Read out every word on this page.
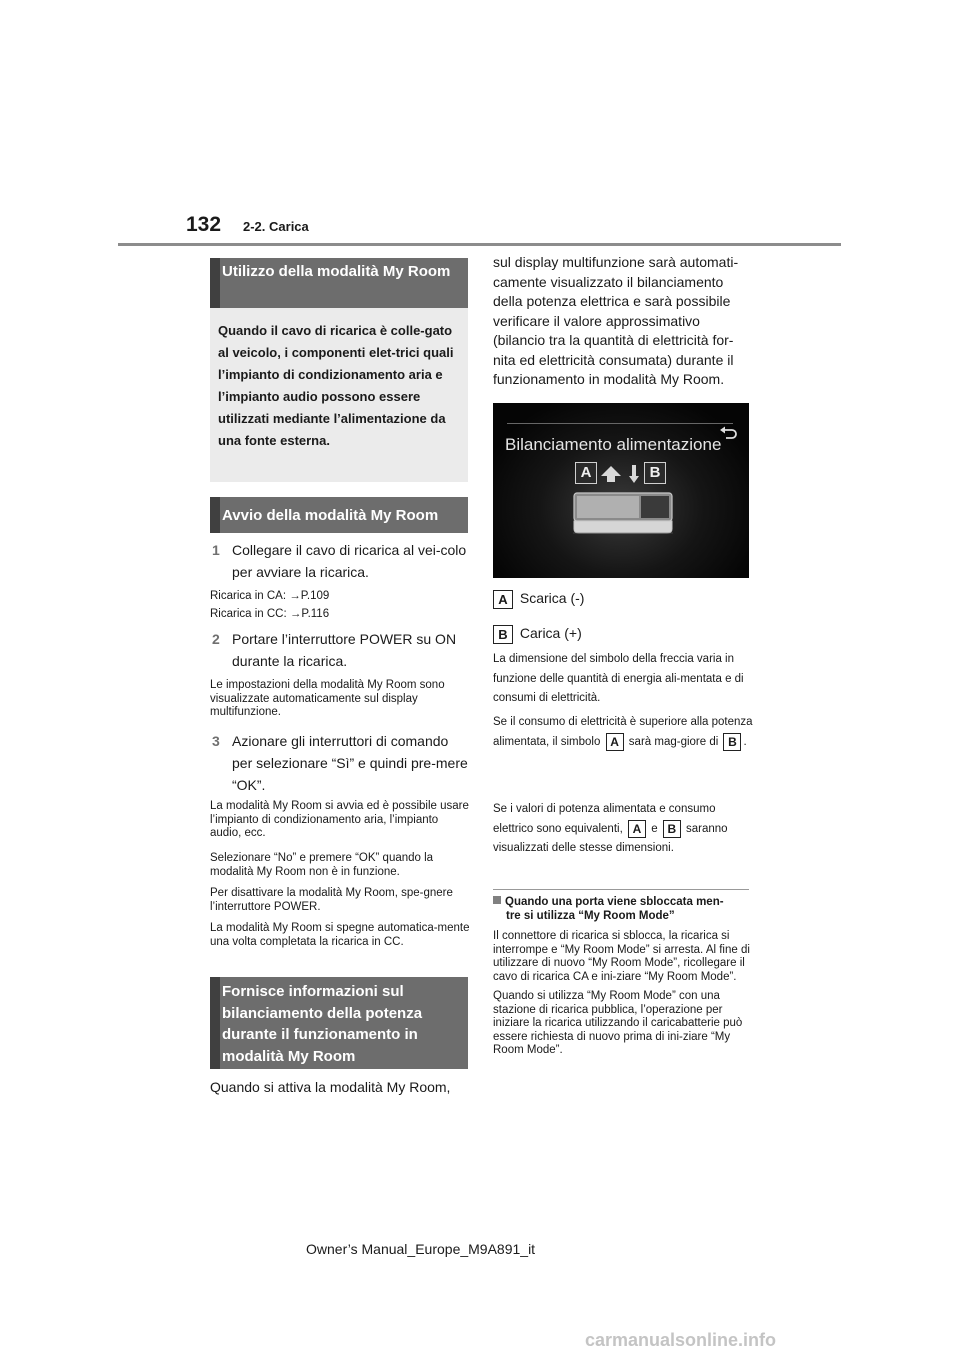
132 2-2. Carica
Utilizzo della modalità My Room
Quando il cavo di ricarica è colle-gato al veicolo, i componenti elet-trici quali l’impianto di condizionamento aria e l’impianto audio possono essere utilizzati mediante l’alimentazione da una fonte esterna.
Avvio della modalità My Room
1 Collegare il cavo di ricarica al vei-colo per avviare la ricarica.
Ricarica in CA: →P.109
Ricarica in CC: →P.116
2 Portare l’interruttore POWER su ON durante la ricarica.
Le impostazioni della modalità My Room sono visualizzate automaticamente sul display multifunzione.
3 Azionare gli interruttori di comando per selezionare “Sì” e quindi pre-mere “OK”.
La modalità My Room si avvia ed è possibile usare l’impianto di condizionamento aria, l’impianto audio, ecc.
Selezionare “No” e premere “OK” quando la modalità My Room non è in funzione.
Per disattivare la modalità My Room, spe-gnere l’interruttore POWER.
La modalità My Room si spegne automatica-mente una volta completata la ricarica in CC.
Fornisce informazioni sul bilanciamento della potenza durante il funzionamento in modalità My Room
Quando si attiva la modalità My Room,
sul display multifunzione sarà automati-camente visualizzato il bilanciamento della potenza elettrica e sarà possibile verificare il valore approssimativo (bilancio tra la quantità di elettricità for-nita ed elettricità consumata) durante il funzionamento in modalità My Room.
Bilanciamento alimentazione
A	B
A Scarica (-)
B Carica (+)
La dimensione del simbolo della freccia varia in funzione delle quantità di energia ali-mentata e di consumi di elettricità.
Se il consumo di elettricità è superiore alla potenza alimentata, il simbolo A sarà mag-giore di B .
Se i valori di potenza alimentata e consumo elettrico sono equivalenti, A e B saranno visualizzati delle stesse dimensioni.
Quando una porta viene sbloccata men-
tre si utilizza “My Room Mode”

Il connettore di ricarica si sblocca, la ricarica si interrompe e “My Room Mode” si arresta. Al fine di utilizzare di nuovo “My Room Mode”, ricollegare il cavo di ricarica CA e ini-ziare “My Room Mode”.

Quando si utilizza “My Room Mode” con una stazione di ricarica pubblica, l’operazione per iniziare la ricarica utilizzando il caricabatterie può essere richiesta di nuovo prima di ini-ziare “My Room Mode”.

Owner’s Manual_Europe_M9A891_it
carmanualsonline.info
